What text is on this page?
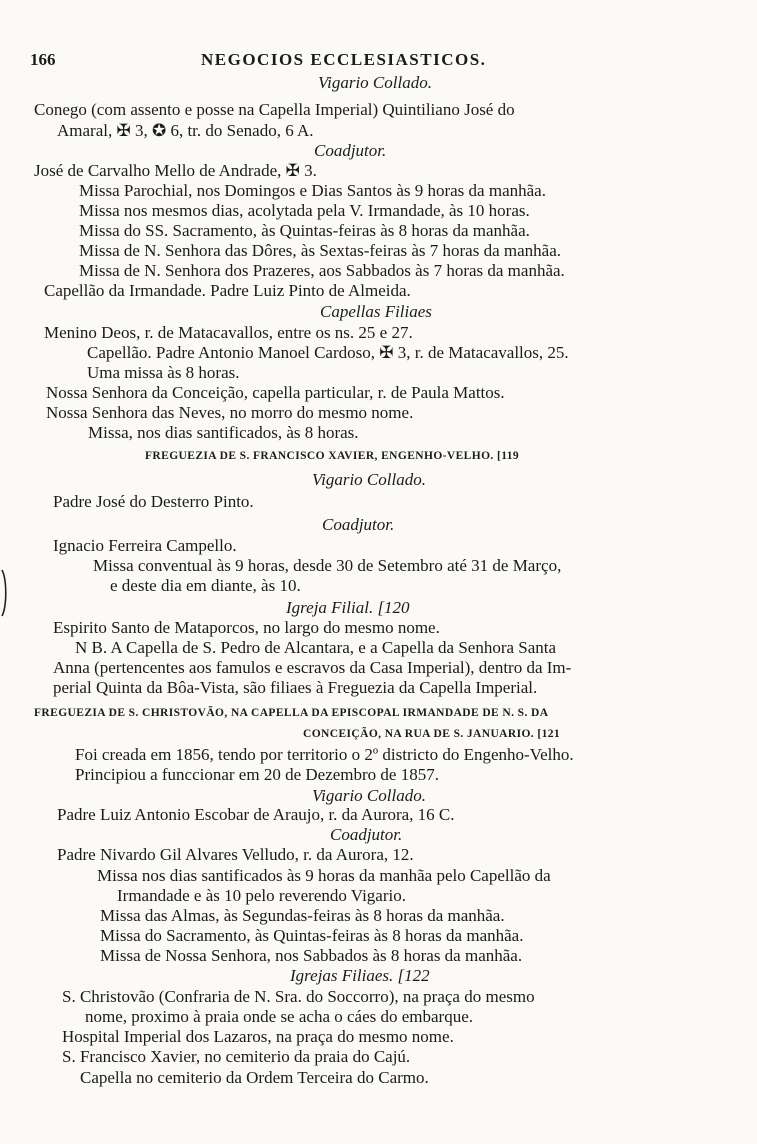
166	NEGOCIOS ECCLESIASTICOS.
Vigario Collado.
Conego (com assento e posse na Capella Imperial) Quintiliano José do
Amaral, ✠ 3, ✪ 6, tr. do Senado, 6 A.
Coadjutor.
José de Carvalho Mello de Andrade, ✠ 3.
Missa Parochial, nos Domingos e Dias Santos às 9 horas da manhãa.
Missa nos mesmos dias, acolytada pela V. Irmandade, às 10 horas.
Missa do SS. Sacramento, às Quintas-feiras às 8 horas da manhãa.
Missa de N. Senhora das Dôres, às Sextas-feiras às 7 horas da manhãa.
Missa de N. Senhora dos Prazeres, aos Sabbados às 7 horas da manhãa.
Capellão da Irmandade. Padre Luiz Pinto de Almeida.
Capellas Filiaes
Menino Deos, r. de Matacavallos, entre os ns. 25 e 27.
Capellão. Padre Antonio Manoel Cardoso, ✠ 3, r. de Matacavallos, 25.
Uma missa às 8 horas.
Nossa Senhora da Conceição, capella particular, r. de Paula Mattos.
Nossa Senhora das Neves, no morro do mesmo nome.
Missa, nos dias santificados, às 8 horas.
FREGUEZIA DE S. FRANCISCO XAVIER, ENGENHO-VELHO. [119
Vigario Collado.
Padre José do Desterro Pinto.
Coadjutor.
Ignacio Ferreira Campello.
Missa conventual às 9 horas, desde 30 de Setembro até 31 de Março,
e deste dia em diante, às 10.
Igreja Filial. [120
Espirito Santo de Mataporcos, no largo do mesmo nome.
N B. A Capella de S. Pedro de Alcantara, e a Capella da Senhora Santa
Anna (pertencentes aos famulos e escravos da Casa Imperial), dentro da Im-
perial Quinta da Bôa-Vista, são filiaes à Freguezia da Capella Imperial.
FREGUEZIA DE S. CHRISTOVÃO, NA CAPELLA DA EPISCOPAL IRMANDADE DE N. S. DA
CONCEIÇÃO, NA RUA DE S. JANUARIO. [121
Foi creada em 1856, tendo por territorio o 2º districto do Engenho-Velho.
Principiou a funccionar em 20 de Dezembro de 1857.
Vigario Collado.
Padre Luiz Antonio Escobar de Araujo, r. da Aurora, 16 C.
Coadjutor.
Padre Nivardo Gil Alvares Velludo, r. da Aurora, 12.
Missa nos dias santificados às 9 horas da manhãa pelo Capellão da
Irmandade e às 10 pelo reverendo Vigario.
Missa das Almas, às Segundas-feiras às 8 horas da manhãa.
Missa do Sacramento, às Quintas-feiras às 8 horas da manhãa.
Missa de Nossa Senhora, nos Sabbados às 8 horas da manhãa.
Igrejas Filiaes. [122
S. Christovão (Confraria de N. Sra. do Soccorro), na praça do mesmo
nome, proximo à praia onde se acha o cáes do embarque.
Hospital Imperial dos Lazaros, na praça do mesmo nome.
S. Francisco Xavier, no cemiterio da praia do Cajú.
Capella no cemiterio da Ordem Terceira do Carmo.
